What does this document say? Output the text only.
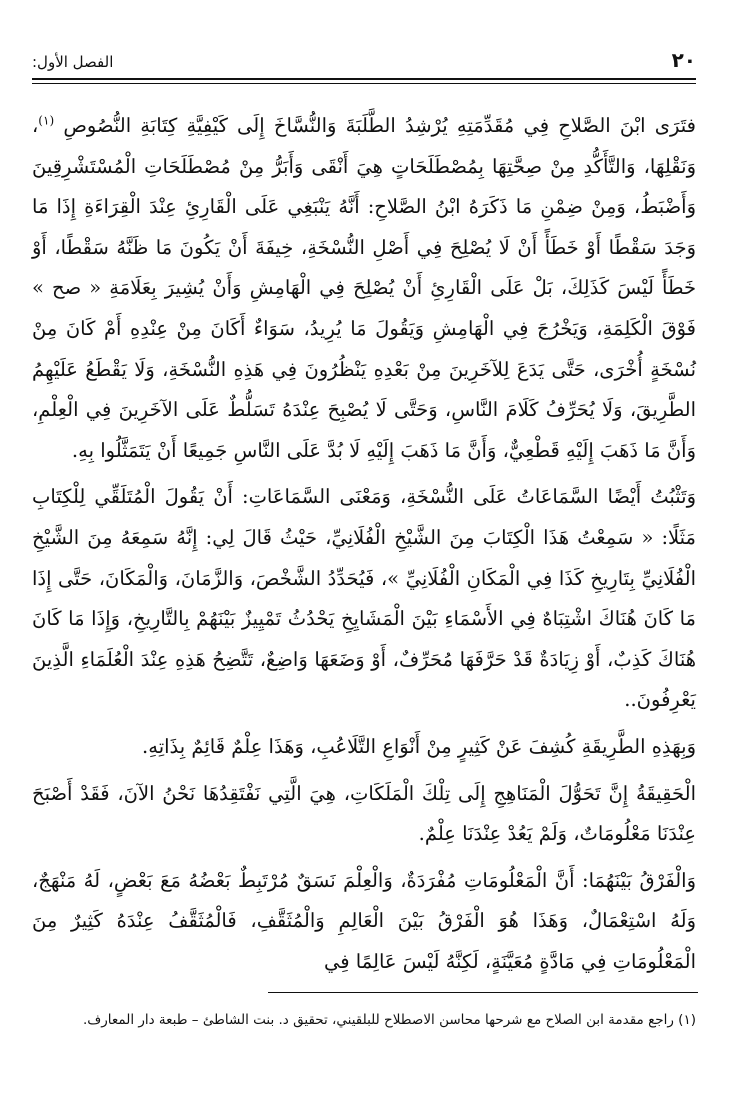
٢٠
الفصل الأول:

فتَرَى ابْنَ الصَّلاحِ فِي مُقَدِّمَتِهِ يُرْشِدُ الطَّلَبَةَ وَالنُّسَّاخَ إِلَى كَيْفِيَّةِ كِتَابَةِ النُّصُوصِ $^{(١)}$، وَنَقْلِهَا، وَالتَّأَكُّدِ مِنْ صِحَّتِهَا بِمُصْطَلَحَاتٍ هِيَ أَنْقَى وَأَبَرُّ مِنْ مُصْطَلَحَاتِ الْمُسْتَشْرِقِينَ وَأَضْبَطُ، وَمِنْ ضِمْنِ مَا ذَكَرَهُ ابْنُ الصَّلاحِ: أَنَّهُ يَنْبَغِي عَلَى الْقَارِئِ عِنْدَ الْقِرَاءَةِ إِذَا مَا وَجَدَ سَقْطًا أَوْ خَطَأً أَنْ لَا يُصْلِحَ فِي أَصْلِ النُّسْخَةِ، خِيفَةَ أَنْ يَكُونَ مَا ظَنَّهُ سَقْطًا، أَوْ خَطَأً لَيْسَ كَذَلِكَ، بَلْ عَلَى الْقَارِئِ أَنْ يُصْلِحَ فِي الْهَامِشِ وَأَنْ يُشِيرَ بِعَلَامَةِ « صح » فَوْقَ الْكَلِمَةِ، وَيَخْرُجَ فِي الْهَامِشِ وَيَقُولَ مَا يُرِيدُ، سَوَاءٌ أَكَانَ مِنْ عِنْدِهِ أَمْ كَانَ مِنْ نُسْخَةٍ أُخْرَى، حَتَّى يَدَعَ لِلآخَرِينَ مِنْ بَعْدِهِ يَنْظُرُونَ فِي هَذِهِ النُّسْخَةِ، وَلَا يَقْطَعُ عَلَيْهِمُ الطَّرِيقَ، وَلَا يُحَرِّفُ كَلَامَ النَّاسِ، وَحَتَّى لَا يُصْبِحَ عِنْدَهُ تَسَلُّطٌ عَلَى الآخَرِينَ فِي الْعِلْمِ، وَأَنَّ مَا ذَهَبَ إِلَيْهِ قَطْعِيٌّ، وَأَنَّ مَا ذَهَبَ إِلَيْهِ لَا بُدَّ عَلَى النَّاسِ جَمِيعًا أَنْ يَتَمَثَّلُوا بِهِ.

وَتَثْبُتُ أَيْضًا السَّمَاعَاتُ عَلَى النُّسْخَةِ، وَمَعْنَى السَّمَاعَاتِ: أَنْ يَقُولَ الْمُتَلَقِّي لِلْكِتَابِ مَثَلًا: « سَمِعْتُ هَذَا الْكِتَابَ مِنَ الشَّيْخِ الْفُلَانِيِّ، حَيْثُ قَالَ لِي: إِنَّهُ سَمِعَهُ مِنَ الشَّيْخِ الْفُلَانِيِّ بِتَارِيخِ كَذَا فِي الْمَكَانِ الْفُلَانِيِّ »، فَيُحَدِّدُ الشَّخْصَ، وَالزَّمَانَ، وَالْمَكَانَ، حَتَّى إِذَا مَا كَانَ هُنَاكَ اشْتِبَاهٌ فِي الأَسْمَاءِ بَيْنَ الْمَشَايِخِ يَحْدُثُ تَمْيِيزٌ بَيْنَهُمْ بِالتَّارِيخِ، وَإِذَا مَا كَانَ هُنَاكَ كَذِبٌ، أَوْ زِيَادَةٌ قَدْ حَرَّفَهَا مُحَرِّفٌ، أَوْ وَضَعَهَا وَاضِعٌ، تَتَّضِحُ هَذِهِ عِنْدَ الْعُلَمَاءِ الَّذِينَ يَعْرِفُونَ..

وَبِهَذِهِ الطَّرِيقَةِ كُشِفَ عَنْ كَثِيرٍ مِنْ أَنْوَاعِ التَّلَاعُبِ، وَهَذَا عِلْمٌ قَائِمٌ بِذَاتِهِ.

الْحَقِيقَةُ إِنَّ تَحَوُّلَ الْمَنَاهِجِ إِلَى تِلْكَ الْمَلَكَاتِ، هِيَ الَّتِي نَفْتَقِدُهَا نَحْنُ الآنَ، فَقَدْ أَصْبَحَ عِنْدَنَا مَعْلُومَاتٌ، وَلَمْ يَعُدْ عِنْدَنَا عِلْمٌ.

وَالْفَرْقُ بَيْنَهُمَا: أَنَّ الْمَعْلُومَاتِ مُفْرَدَةٌ، وَالْعِلْمَ نَسَقٌ مُرْتَبِطٌ بَعْضُهُ مَعَ بَعْضٍ، لَهُ مَنْهَجٌ، وَلَهُ اسْتِعْمَالٌ، وَهَذَا هُوَ الْفَرْقُ بَيْنَ الْعَالِمِ وَالْمُثَقَّفِ، فَالْمُثَقَّفُ عِنْدَهُ كَثِيرٌ مِنَ الْمَعْلُومَاتِ فِي مَادَّةٍ مُعَيَّنَةٍ، لَكِنَّهُ لَيْسَ عَالِمًا فِي

(١) راجع مقدمة ابن الصلاح مع شرحها محاسن الاصطلاح للبلقيني، تحقيق د. بنت الشاطئ – طبعة دار المعارف.
